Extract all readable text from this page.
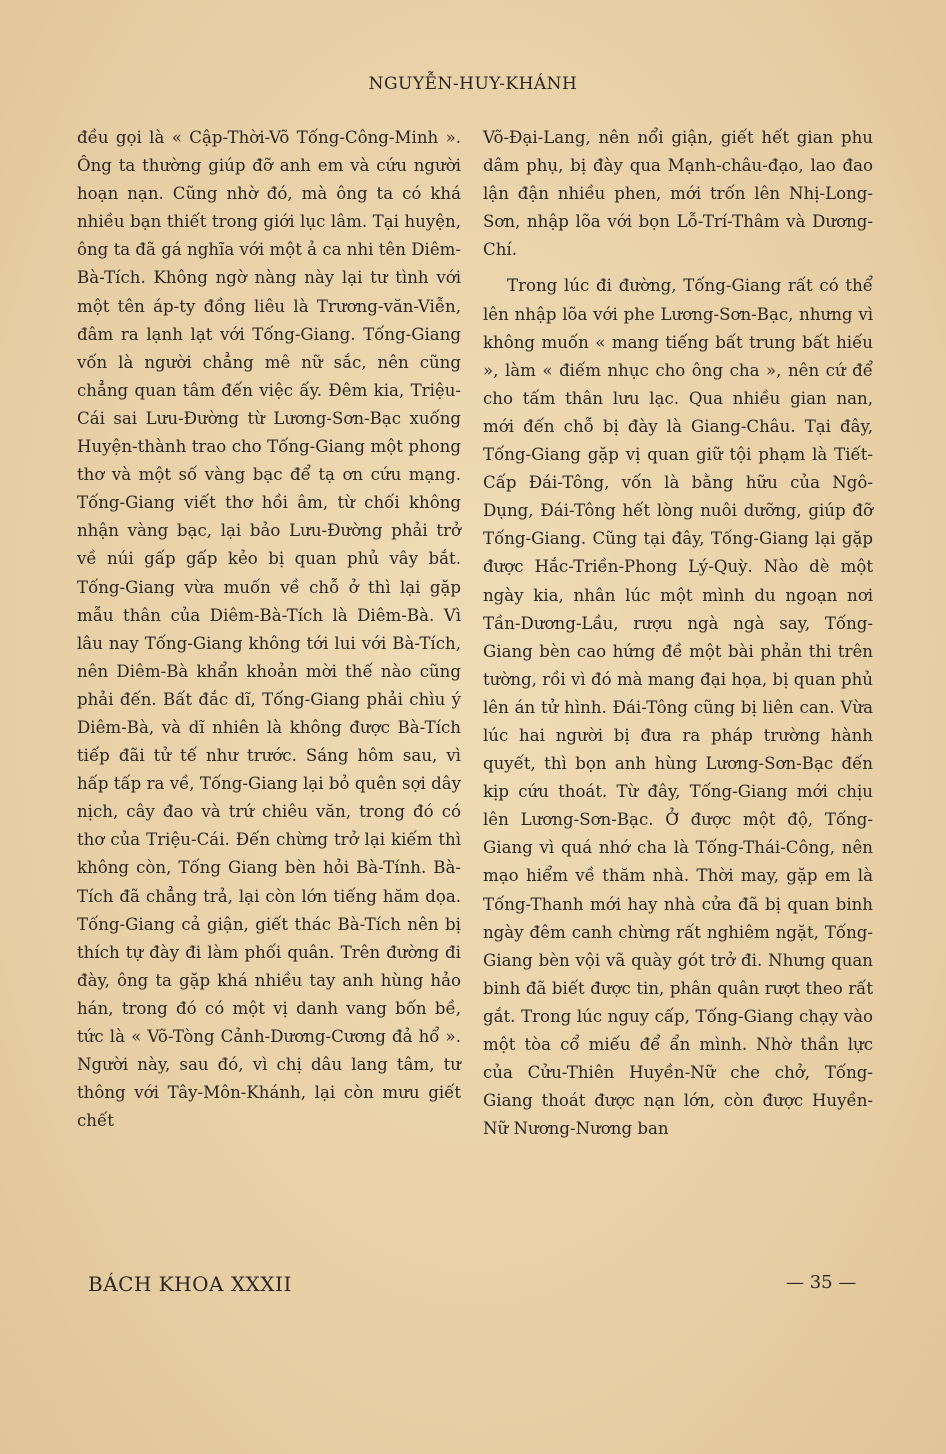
NGUYỄN-HUY-KHÁNH

đều gọi là « Cập-Thời-Võ Tống-Công-Minh ». Ông ta thường giúp đỡ anh em và cứu người hoạn nạn. Cũng nhờ đó, mà ông ta có khá nhiều bạn thiết trong giới lục lâm. Tại huyện, ông ta đã gá nghĩa với một ả ca nhi tên Diêm-Bà-Tích. Không ngờ nàng này lại tư tình với một tên áp-ty đồng liêu là Trương-văn-Viễn, đâm ra lạnh lạt với Tống-Giang. Tống-Giang vốn là người chẳng mê nữ sắc, nên cũng chẳng quan tâm đến việc ấy. Đêm kia, Triệu-Cái sai Lưu-Đường từ Lương-Sơn-Bạc xuống Huyện-thành trao cho Tống-Giang một phong thơ và một số vàng bạc để tạ ơn cứu mạng. Tống-Giang viết thơ hồi âm, từ chối không nhận vàng bạc, lại bảo Lưu-Đường phải trở về núi gấp gấp kẻo bị quan phủ vây bắt. Tống-Giang vừa muốn về chỗ ở thì lại gặp mẫu thân của Diêm-Bà-Tích là Diêm-Bà. Vì lâu nay Tống-Giang không tới lui với Bà-Tích, nên Diêm-Bà khẩn khoản mời thế nào cũng phải đến. Bất đắc dĩ, Tống-Giang phải chìu ý Diêm-Bà, và dĩ nhiên là không được Bà-Tích tiếp đãi tử tế như trước. Sáng hôm sau, vì hấp tấp ra về, Tống-Giang lại bỏ quên sợi dây nịch, cây đao và trứ chiêu văn, trong đó có thơ của Triệu-Cái. Đến chừng trở lại kiếm thì không còn, Tống Giang bèn hỏi Bà-Tính. Bà-Tích đã chẳng trả, lại còn lớn tiếng hăm dọa. Tống-Giang cả giận, giết thác Bà-Tích nên bị thích tự đày đi làm phối quân. Trên đường đi đày, ông ta gặp khá nhiều tay anh hùng hảo hán, trong đó có một vị danh vang bốn bề, tức là « Võ-Tòng Cảnh-Dương-Cương đả hổ ». Người này, sau đó, vì chị dâu lang tâm, tư thông với Tây-Môn-Khánh, lại còn mưu giết chết

Võ-Đại-Lang, nên nổi giận, giết hết gian phu dâm phụ, bị đày qua Mạnh-châu-đạo, lao đao lận đận nhiều phen, mới trốn lên Nhị-Long-Sơn, nhập lõa với bọn Lỗ-Trí-Thâm và Dương-Chí.

Trong lúc đi đường, Tống-Giang rất có thể lên nhập lõa với phe Lương-Sơn-Bạc, nhưng vì không muốn « mang tiếng bất trung bất hiếu », làm « điếm nhục cho ông cha », nên cứ để cho tấm thân lưu lạc. Qua nhiều gian nan, mới đến chỗ bị đày là Giang-Châu. Tại đây, Tống-Giang gặp vị quan giữ tội phạm là Tiết-Cấp Đái-Tông, vốn là bằng hữu của Ngô-Dụng, Đái-Tông hết lòng nuôi dưỡng, giúp đỡ Tống-Giang. Cũng tại đây, Tống-Giang lại gặp được Hắc-Triền-Phong Lý-Quỳ. Nào dè một ngày kia, nhân lúc một mình du ngoạn nơi Tần-Dương-Lầu, rượu ngà ngà say, Tống-Giang bèn cao hứng đề một bài phản thi trên tường, rồi vì đó mà mang đại họa, bị quan phủ lên án tử hình. Đái-Tông cũng bị liên can. Vừa lúc hai người bị đưa ra pháp trường hành quyết, thì bọn anh hùng Lương-Sơn-Bạc đến kịp cứu thoát. Từ đây, Tống-Giang mới chịu lên Lương-Sơn-Bạc. Ở được một độ, Tống-Giang vì quá nhớ cha là Tống-Thái-Công, nên mạo hiểm về thăm nhà. Thời may, gặp em là Tống-Thanh mới hay nhà cửa đã bị quan binh ngày đêm canh chừng rất nghiêm ngặt, Tống-Giang bèn vội vã quày gót trở đi. Nhưng quan binh đã biết được tin, phân quân rượt theo rất gắt. Trong lúc nguy cấp, Tống-Giang chạy vào một tòa cổ miếu để ẩn mình. Nhờ thần lực của Cửu-Thiên Huyền-Nữ che chở, Tống-Giang thoát được nạn lớn, còn được Huyền-Nữ Nương-Nương ban

BÁCH KHOA XXXII	— 35 —
